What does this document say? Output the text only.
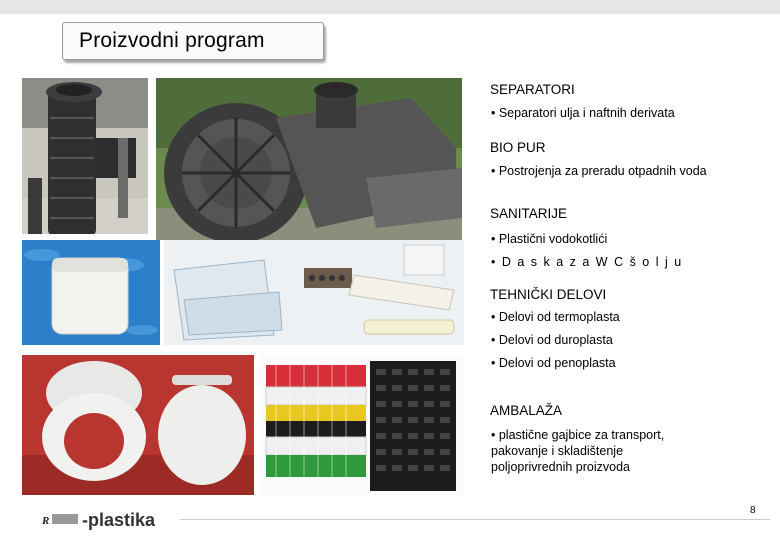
Proizvodni program
SEPARATORI
• Separatori ulja i naftnih derivata
BIO PUR
• Postrojenja za preradu otpadnih voda
SANITARIJE
• Plastični vodokotlići
• D a s k a z a W C š o l j u
TEHNIČKI DELOVI
• Delovi od termoplasta
• Delovi od duroplasta
• Delovi od penoplasta
AMBALAŽA
• plastične gajbice za transport,
pakovanje i skladištenje
poljoprivrednih proizvoda
R -plastika	8
